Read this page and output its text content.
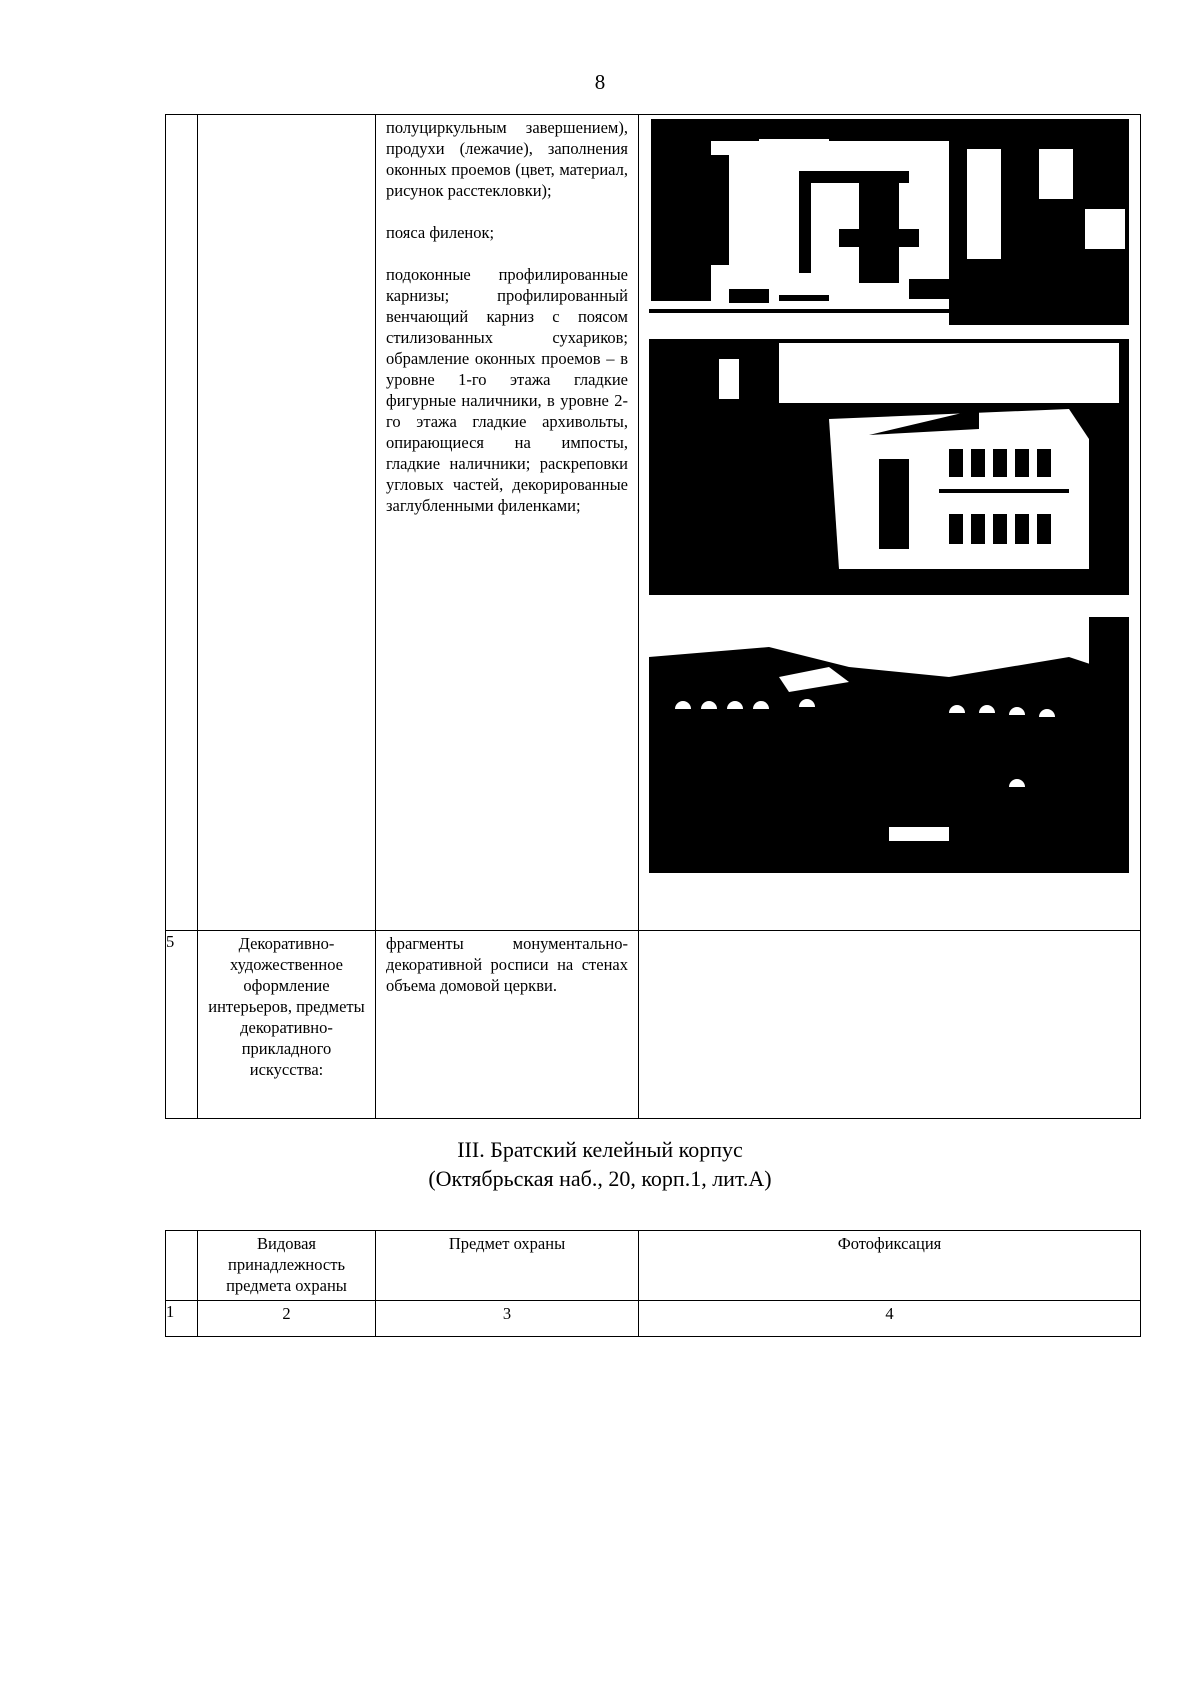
8

		полуциркульным завершением), продухи (лежачие), заполнения оконных проемов (цвет, материал, рисунок расстекловки);

пояса филенок;

подоконные профилированные карнизы; профилированный венчающий карниз с поясом стилизованных сухариков; обрамление оконных проемов – в уровне 1-го этажа гладкие фигурные наличники, в уровне 2-го этажа гладкие архивольты, опирающиеся на импосты, гладкие наличники; раскреповки угловых частей, декорированные заглубленными филенками;

5	Декоративно-художественное оформление интерьеров, предметы декоративно-прикладного искусства:	фрагменты монументально-декоративной росписи на стенах объема домовой церкви.	

III. Братский келейный корпус
(Октябрьская наб., 20, корп.1, лит.А)

	Видовая принадлежность предмета охраны	Предмет охраны	Фотофиксация

1	2	3	4
